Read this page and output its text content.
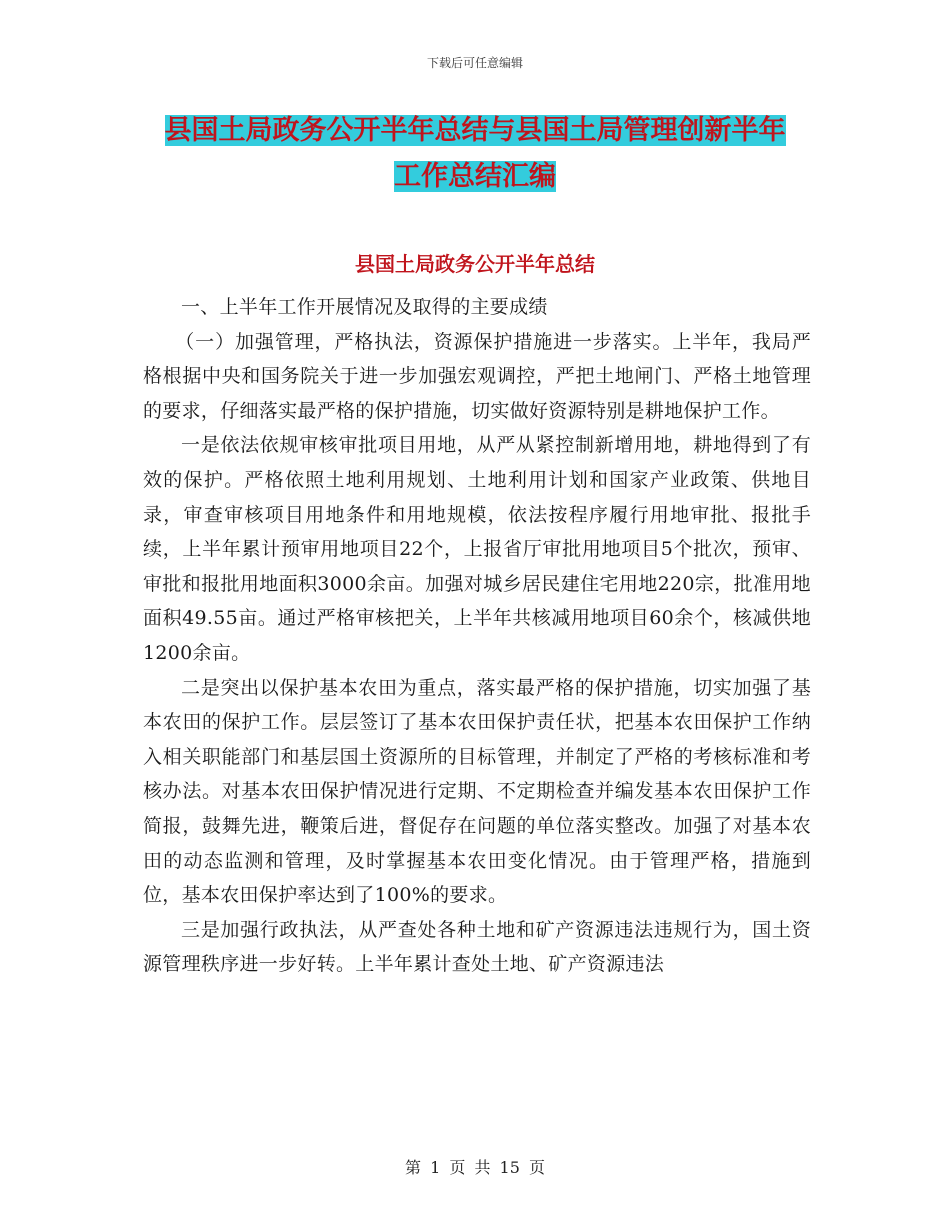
下载后可任意编辑
县国土局政务公开半年总结与县国土局管理创新半年
工作总结汇编
县国土局政务公开半年总结

一、上半年工作开展情况及取得的主要成绩

（一）加强管理，严格执法，资源保护措施进一步落实。上半年，我局严格根据中央和国务院关于进一步加强宏观调控，严把土地闸门、严格土地管理的要求，仔细落实最严格的保护措施，切实做好资源特别是耕地保护工作。

一是依法依规审核审批项目用地，从严从紧控制新增用地，耕地得到了有效的保护。严格依照土地利用规划、土地利用计划和国家产业政策、供地目录，审查审核项目用地条件和用地规模，依法按程序履行用地审批、报批手续，上半年累计预审用地项目22个，上报省厅审批用地项目5个批次，预审、审批和报批用地面积3000余亩。加强对城乡居民建住宅用地220宗，批准用地面积49.55亩。通过严格审核把关，上半年共核减用地项目60余个，核减供地1200余亩。

二是突出以保护基本农田为重点，落实最严格的保护措施，切实加强了基本农田的保护工作。层层签订了基本农田保护责任状，把基本农田保护工作纳入相关职能部门和基层国土资源所的目标管理，并制定了严格的考核标准和考核办法。对基本农田保护情况进行定期、不定期检查并编发基本农田保护工作简报，鼓舞先进，鞭策后进，督促存在问题的单位落实整改。加强了对基本农田的动态监测和管理，及时掌握基本农田变化情况。由于管理严格，措施到位，基本农田保护率达到了100%的要求。

三是加强行政执法，从严查处各种土地和矿产资源违法违规行为，国土资源管理秩序进一步好转。上半年累计查处土地、矿产资源违法

第 1 页 共 15 页
